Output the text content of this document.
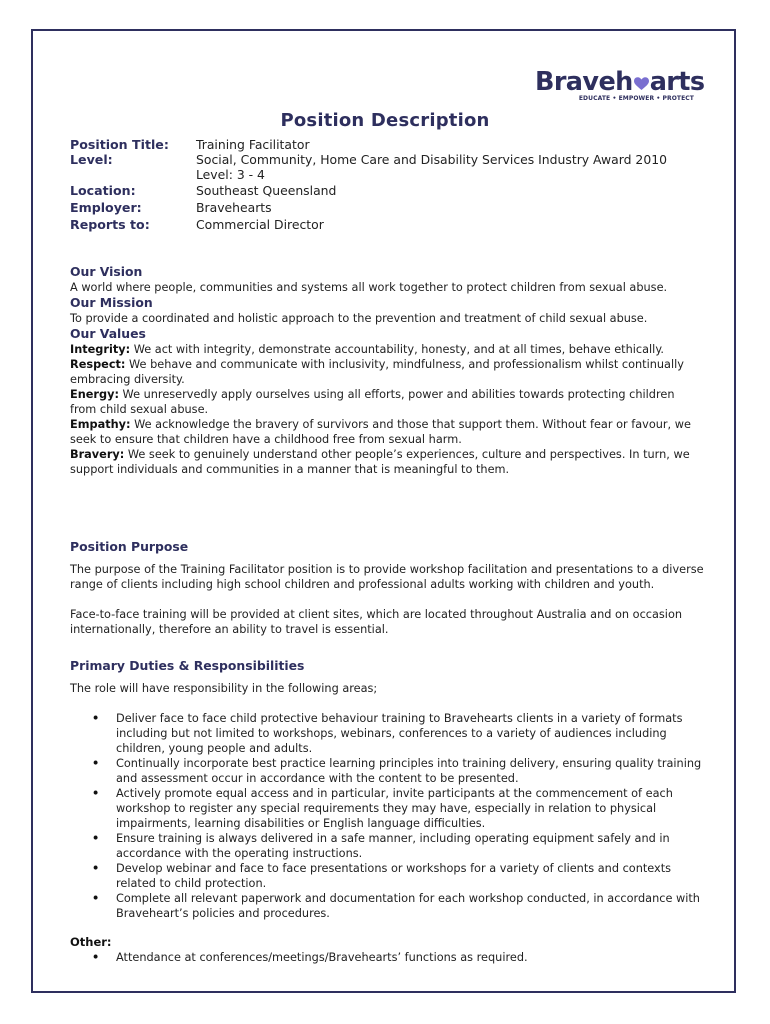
Braveh arts
EDUCATE • EMPOWER • PROTECT
Position Description
Position Title:	Training Facilitator
Level:	Social, Community, Home Care and Disability Services Industry Award 2010
Level: 3 - 4
Location:	Southeast Queensland
Employer:	Bravehearts
Reports to:	Commercial Director
Our Vision

A world where people, communities and systems all work together to protect children from sexual abuse.

Our Mission

To provide a coordinated and holistic approach to the prevention and treatment of child sexual abuse.

Our Values

Integrity: We act with integrity, demonstrate accountability, honesty, and at all times, behave ethically.

Respect: We behave and communicate with inclusivity, mindfulness, and professionalism whilst continually embracing diversity.

Energy: We unreservedly apply ourselves using all efforts, power and abilities towards protecting children from child sexual abuse.

Empathy: We acknowledge the bravery of survivors and those that support them. Without fear or favour, we seek to ensure that children have a childhood free from sexual harm.

Bravery: We seek to genuinely understand other people’s experiences, culture and perspectives. In turn, we support individuals and communities in a manner that is meaningful to them.

Position Purpose

The purpose of the Training Facilitator position is to provide workshop facilitation and presentations to a diverse range of clients including high school children and professional adults working with children and youth.

Face-to-face training will be provided at client sites, which are located throughout Australia and on occasion internationally, therefore an ability to travel is essential.

Primary Duties & Responsibilities

The role will have responsibility in the following areas;

• Deliver face to face child protective behaviour training to Bravehearts clients in a variety of formats including but not limited to workshops, webinars, conferences to a variety of audiences including children, young people and adults.
• Continually incorporate best practice learning principles into training delivery, ensuring quality training and assessment occur in accordance with the content to be presented.
• Actively promote equal access and in particular, invite participants at the commencement of each workshop to register any special requirements they may have, especially in relation to physical impairments, learning disabilities or English language difficulties.
• Ensure training is always delivered in a safe manner, including operating equipment safely and in accordance with the operating instructions.
• Develop webinar and face to face presentations or workshops for a variety of clients and contexts related to child protection.
• Complete all relevant paperwork and documentation for each workshop conducted, in accordance with Braveheart’s policies and procedures.
Other:
• Attendance at conferences/meetings/Bravehearts’ functions as required.
